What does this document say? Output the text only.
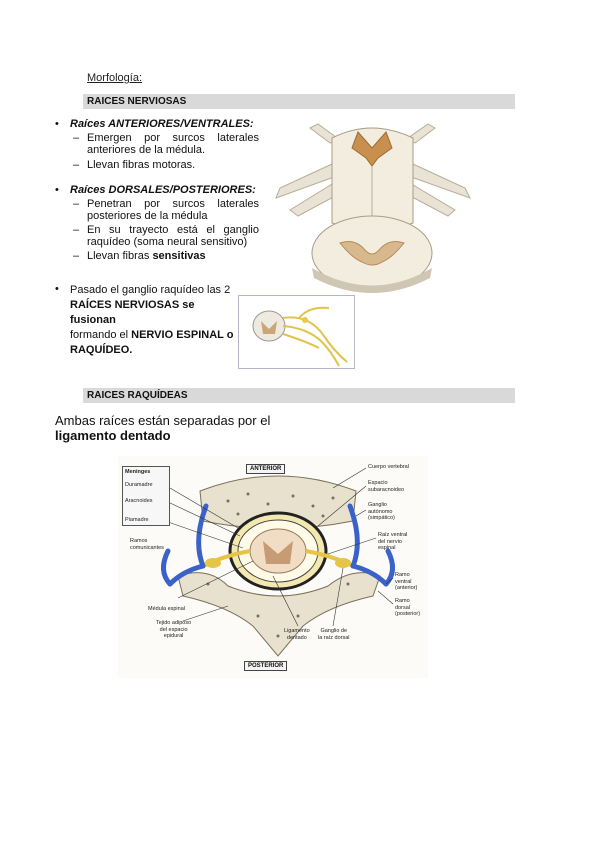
Morfología:
RAICES NERVIOSAS
• Raíces ANTERIORES/VENTRALES:
– Emergen por surcos laterales anteriores de la médula.
– Llevan fibras motoras.
• Raíces DORSALES/POSTERIORES:
– Penetran por surcos laterales posteriores de la médula
– En su trayecto está el ganglio raquídeo (soma neural sensitivo)
– Llevan fibras sensitivas
• Pasado el ganglio raquídeo las 2
RAÍCES NERVIOSAS se fusionan
formando el NERVIO ESPINAL o
RAQUÍDEO.
RAICES RAQUÍDEAS
Ambas raíces están separadas por el
ligamento dentado
ANTERIOR
POSTERIOR
Meninges
Duramadre
Aracnoides
Piamadre
Ramos
comunicantes
Médula espinal
Tejido adiposo
del espacio
epidural
Ligamento
dentado
Ganglio de
la raíz dorsal
Cuerpo vertebral
Espacio
subaracnoideo
Ganglio
autónomo
(simpático)
Raíz ventral
del nervio
espinal
Ramo
ventral
(anterior)
Ramo
dorsal
(posterior)
